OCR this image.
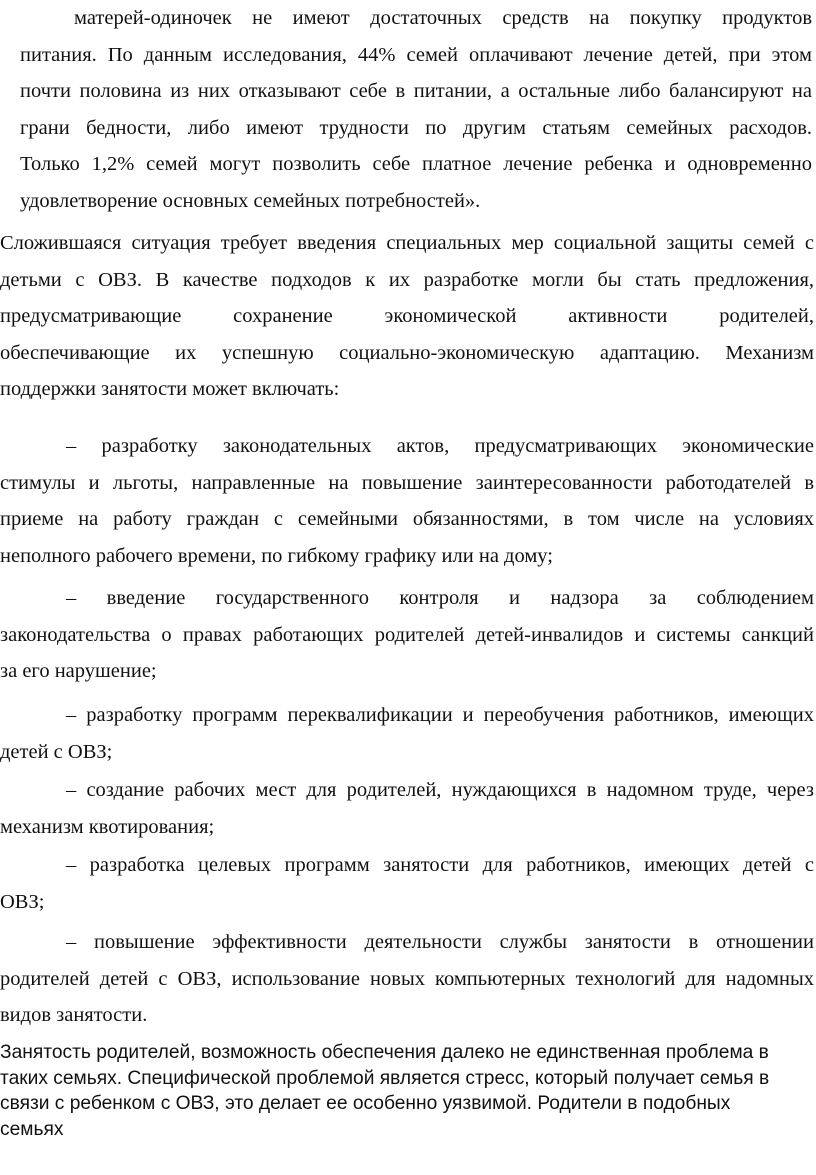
матерей-одиночек не имеют достаточных средств на покупку продуктов
питания. По данным исследования, 44% семей оплачивают лечение детей, при этом
почти половина из них отказывают себе в питании, а остальные либо балансируют на
грани бедности, либо имеют трудности по другим статьям семейных расходов.
Только 1,2% семей могут позволить себе платное лечение ребенка и одновременно
удовлетворение основных семейных потребностей».
Сложившаяся ситуация требует введения специальных мер социальной защиты семей с
детьми с ОВЗ. В качестве подходов к их разработке могли бы стать предложения,
предусматривающие сохранение экономической активности родителей,
обеспечивающие их успешную социально-экономическую адаптацию. Механизм
поддержки занятости может включать:
– разработку законодательных актов, предусматривающих экономические
стимулы и льготы, направленные на повышение заинтересованности работодателей в
приеме на работу граждан с семейными обязанностями, в том числе на условиях
неполного рабочего времени, по гибкому графику или на дому;
– введение государственного контроля и надзора за соблюдением
законодательства о правах работающих родителей детей-инвалидов и системы санкций
за его нарушение;
– разработку программ переквалификации и переобучения работников, имеющих
детей с ОВЗ;
– создание рабочих мест для родителей, нуждающихся в надомном труде, через
механизм квотирования;
– разработка целевых программ занятости для работников, имеющих детей с
ОВЗ;
– повышение эффективности деятельности службы занятости в отношении
родителей детей с ОВЗ, использование новых компьютерных технологий для надомных
видов занятости.
Занятость родителей, возможность обеспечения далеко не единственная проблема в
таких семьях. Специфической проблемой является стресс, который получает семья в
связи с ребенком с ОВЗ, это делает ее особенно уязвимой. Родители в подобных
семьях
